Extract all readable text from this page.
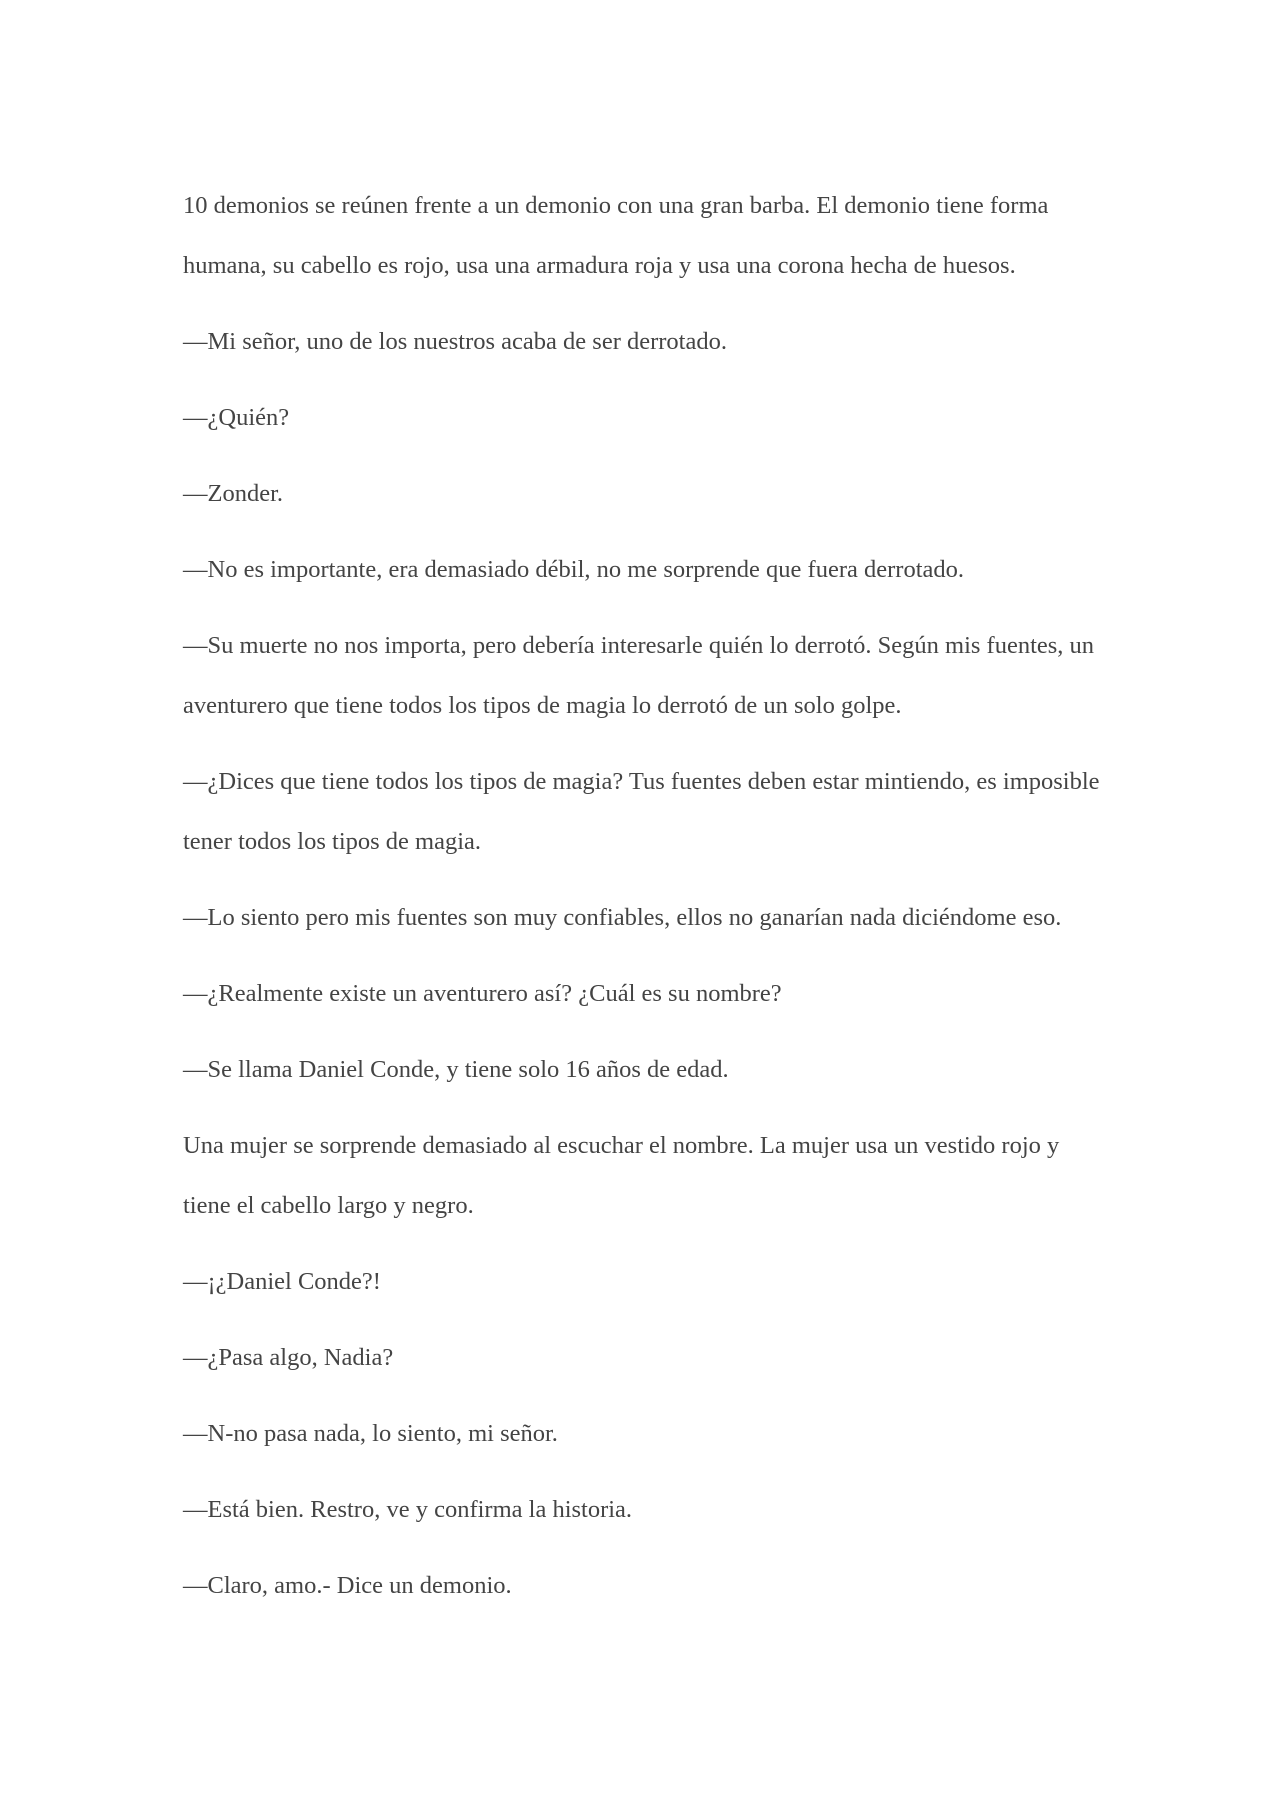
10 demonios se reúnen frente a un demonio con una gran barba. El demonio tiene forma humana, su cabello es rojo, usa una armadura roja y usa una corona hecha de huesos.

—Mi señor, uno de los nuestros acaba de ser derrotado.

—¿Quién?

—Zonder.

—No es importante, era demasiado débil, no me sorprende que fuera derrotado.

—Su muerte no nos importa, pero debería interesarle quién lo derrotó. Según mis fuentes, un aventurero que tiene todos los tipos de magia lo derrotó de un solo golpe.

—¿Dices que tiene todos los tipos de magia? Tus fuentes deben estar mintiendo, es imposible tener todos los tipos de magia.

—Lo siento pero mis fuentes son muy confiables, ellos no ganarían nada diciéndome eso.

—¿Realmente existe un aventurero así? ¿Cuál es su nombre?

—Se llama Daniel Conde, y tiene solo 16 años de edad.

Una mujer se sorprende demasiado al escuchar el nombre. La mujer usa un vestido rojo y tiene el cabello largo y negro.

—¡¿Daniel Conde?!

—¿Pasa algo, Nadia?

—N-no pasa nada, lo siento, mi señor.

—Está bien. Restro, ve y confirma la historia.

—Claro, amo.- Dice un demonio.
